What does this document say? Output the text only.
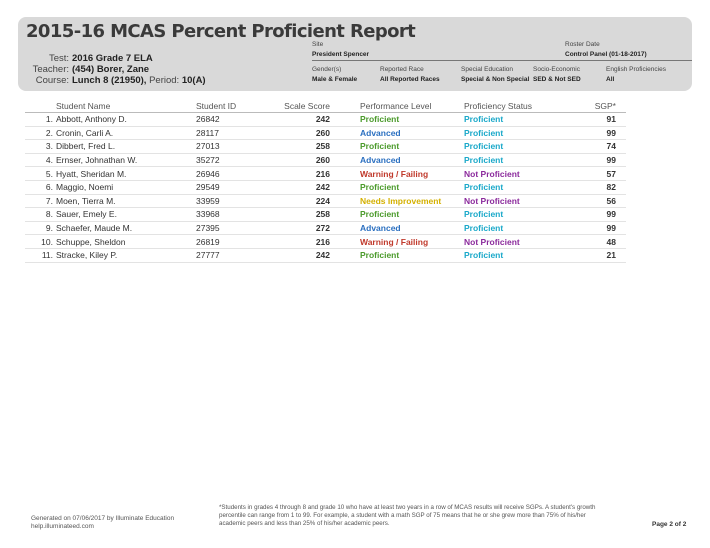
2015-16 MCAS Percent Proficient Report
Test: 2016 Grade 7 ELA
Teacher: (454) Borer, Zane
Course: Lunch 8 (21950), Period: 10(A)
Site
President Spencer
Roster Date
Control Panel (01-18-2017)
Gender(s)
Male & Female
Reported Race
All Reported Races
Special Education
Special & Non Special
Socio-Economic
SED & Not SED
English Proficiencies
All
	Student Name	Student ID	Scale Score	Performance Level	Proficiency Status	SGP*
1.	Abbott, Anthony D.	26842	242	Proficient	Proficient	91
2.	Cronin, Carli A.	28117	260	Advanced	Proficient	99
3.	Dibbert, Fred L.	27013	258	Proficient	Proficient	74
4.	Ernser, Johnathan W.	35272	260	Advanced	Proficient	99
5.	Hyatt, Sheridan M.	26946	216	Warning / Failing	Not Proficient	57
6.	Maggio, Noemi	29549	242	Proficient	Proficient	82
7.	Moen, Tierra M.	33959	224	Needs Improvement	Not Proficient	56
8.	Sauer, Emely E.	33968	258	Proficient	Proficient	99
9.	Schaefer, Maude M.	27395	272	Advanced	Proficient	99
10.	Schuppe, Sheldon	26819	216	Warning / Failing	Not Proficient	48
11.	Stracke, Kiley P.	27777	242	Proficient	Proficient	21
Generated on 07/06/2017 by Illuminate Education
help.illuminateed.com
*Students in grades 4 through 8 and grade 10 who have at least two years in a row of MCAS results will receive SGPs. A student's growth percentile can range from 1 to 99. For example, a student with a math SGP of 75 means that he or she grew more than 75% of his/her academic peers and less than 25% of his/her academic peers.	Page 2 of 2
